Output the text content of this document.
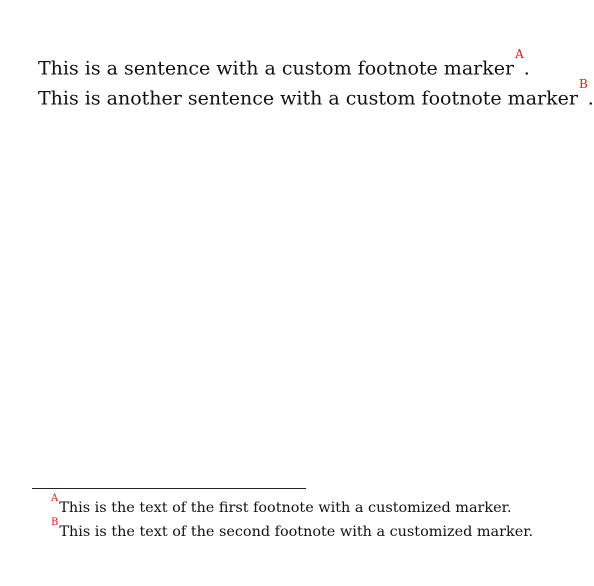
This is a sentence with a custom footnote marker$^A$.
This is another sentence with a custom footnote marker$^B$.
$^A$This is the text of the first footnote with a customized marker.
$^B$This is the text of the second footnote with a customized marker.
